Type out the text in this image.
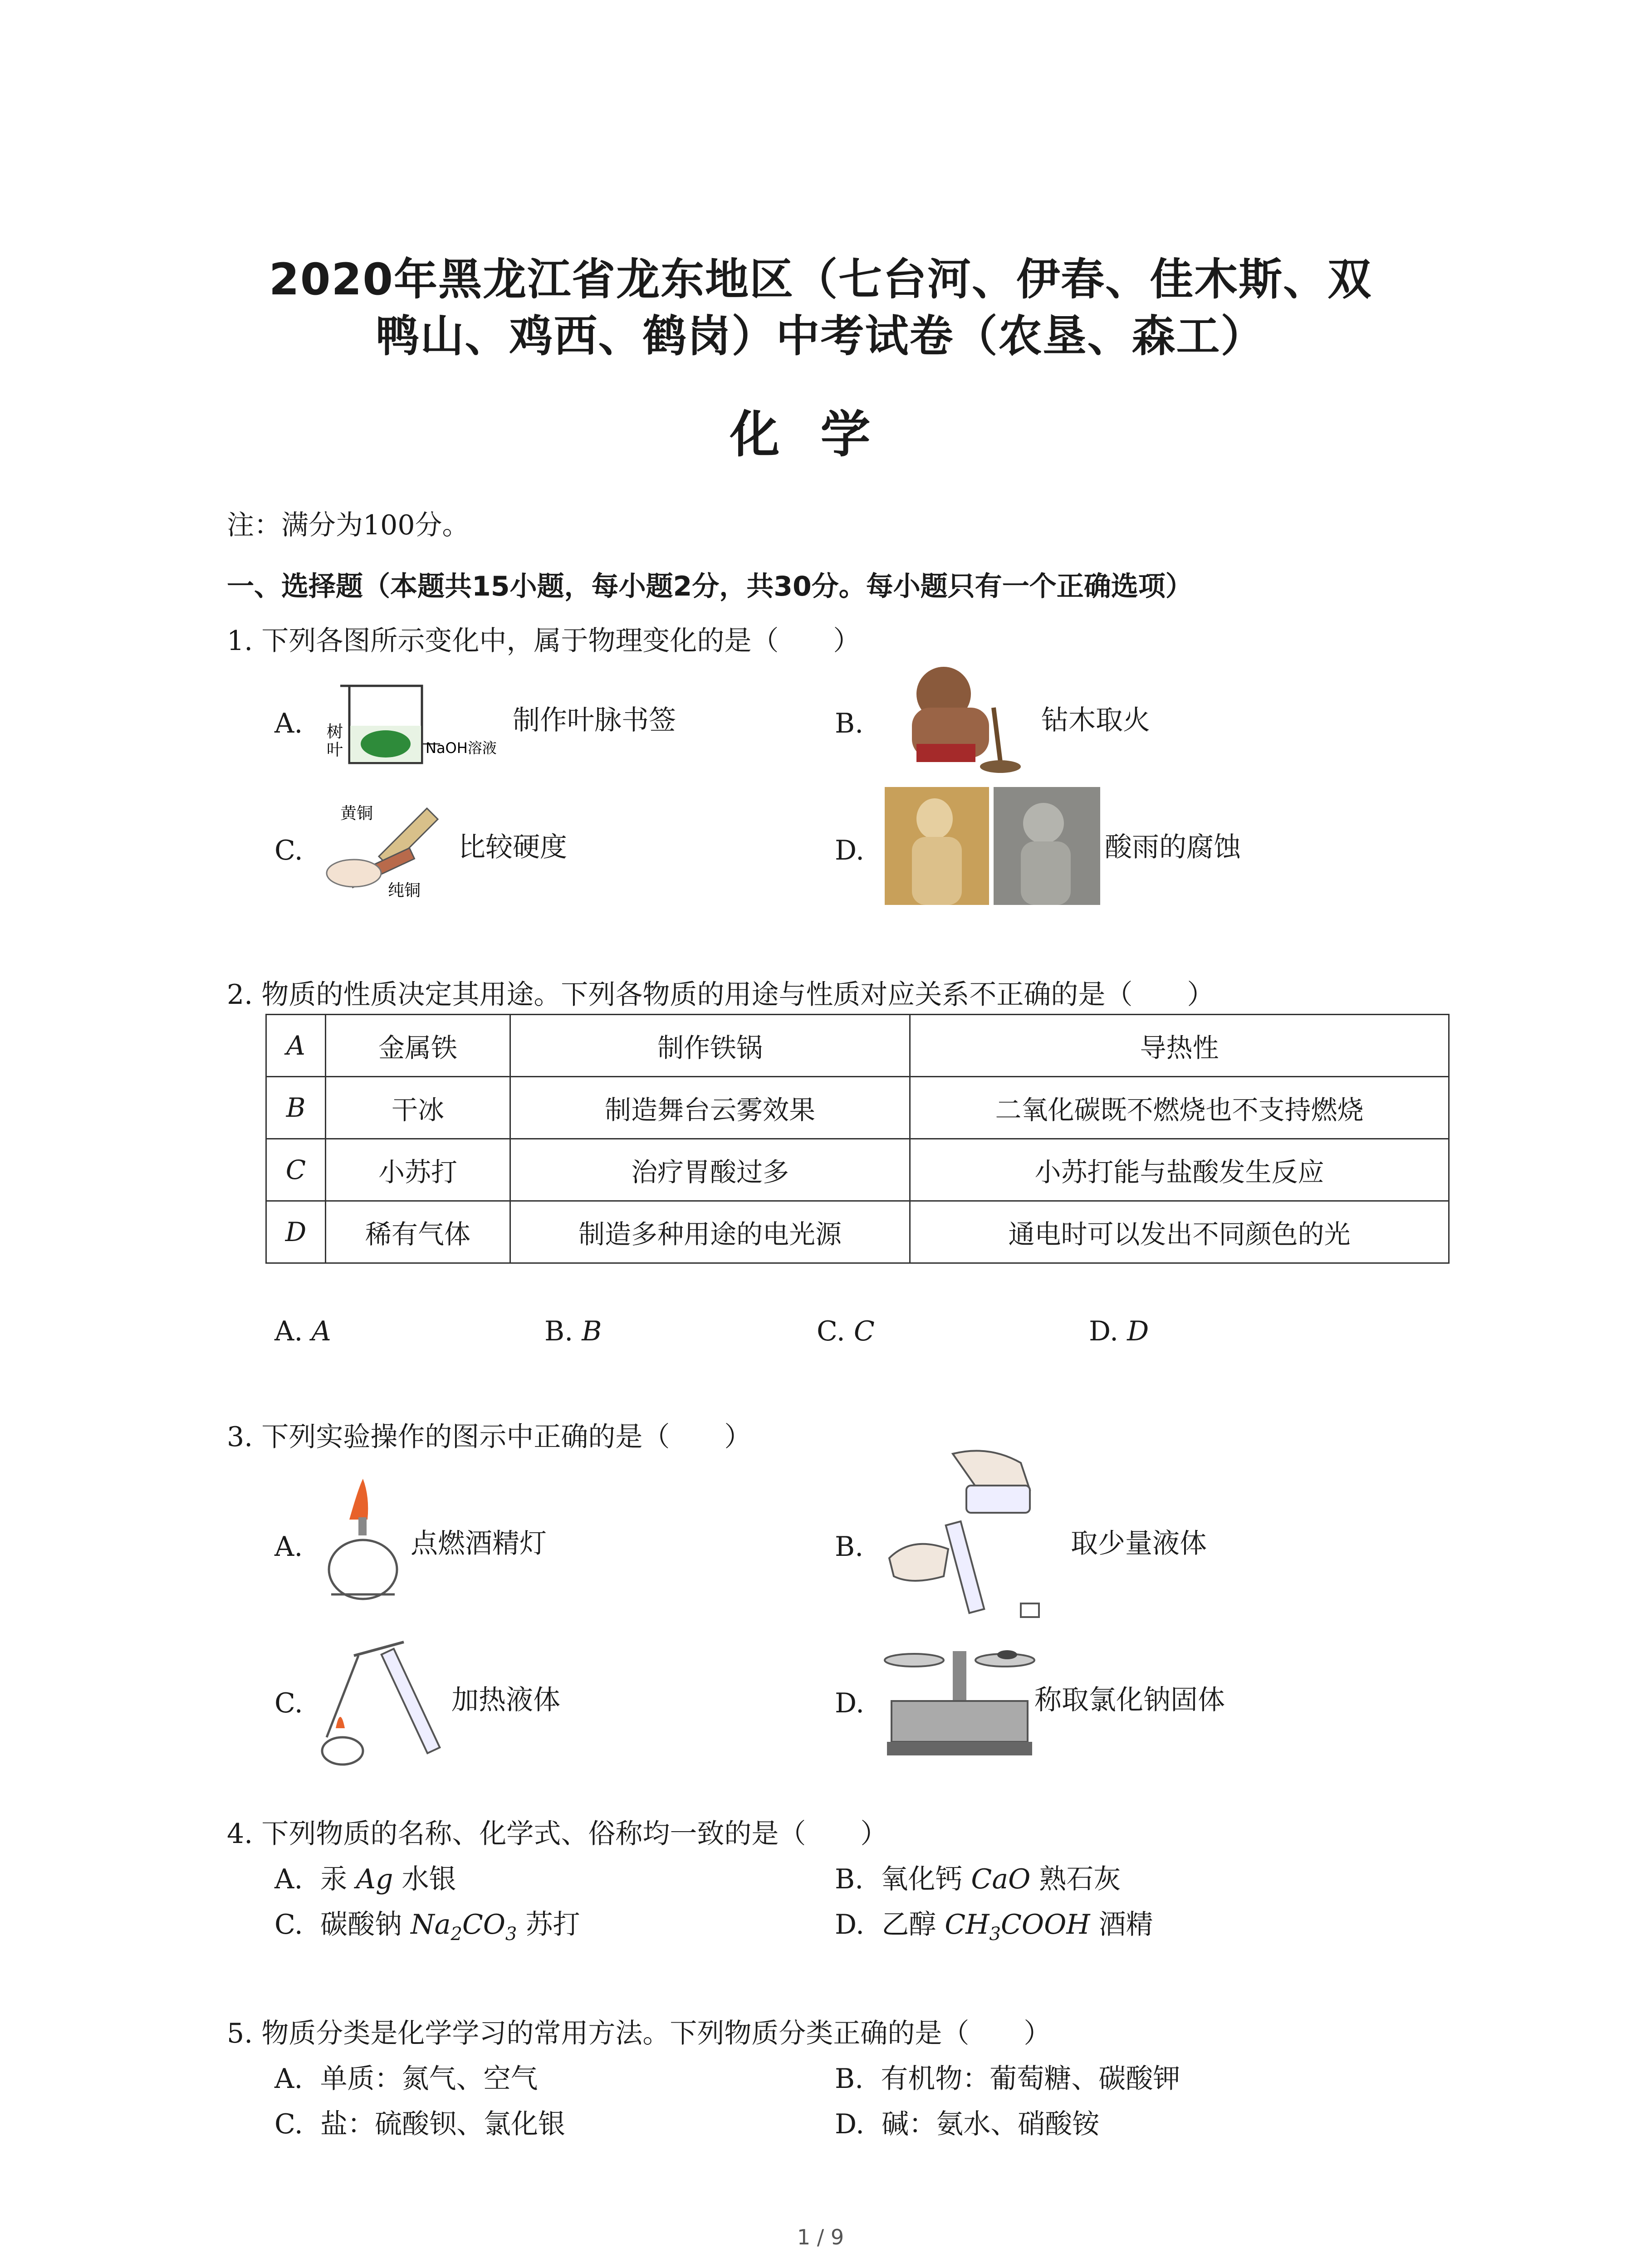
2020年黑龙江省龙东地区（七台河、伊春、佳木斯、双
鸭山、鸡西、鹤岗）中考试卷（农垦、森工）
化学
注：满分为100分。
一、选择题（本题共15小题，每小题2分，共30分。每小题只有一个正确选项）
1. 下列各图所示变化中，属于物理变化的是（　　）
A. 树
叶	NaOH溶液
制作叶脉书签	B.	钻木取火
C.
黄铜
纯铜
比较硬度	D.	酸雨的腐蚀
2. 物质的性质决定其用途。下列各物质的用途与性质对应关系不正确的是（　　）
A	金属铁	制作铁锅	导热性
B	干冰	制造舞台云雾效果	二氧化碳既不燃烧也不支持燃烧
C	小苏打	治疗胃酸过多	小苏打能与盐酸发生反应
D	稀有气体	制造多种用途的电光源	通电时可以发出不同颜色的光
A. A	B. B	C. C	D. D
3. 下列实验操作的图示中正确的是（　　）
A.	点燃酒精灯	B.	取少量液体
C.	加热液体	D.	称取氯化钠固体
4. 下列物质的名称、化学式、俗称均一致的是（　　）
A. 汞 Ag 水银	B. 氧化钙 CaO 熟石灰
C. 碳酸钠 $Na_2CO_3$ 苏打	D. 乙醇 $CH_3COOH$ 酒精
5. 物质分类是化学学习的常用方法。下列物质分类正确的是（　　）
A. 单质：氮气、空气	B. 有机物：葡萄糖、碳酸钾
C. 盐：硫酸钡、氯化银	D. 碱：氨水、硝酸铵
1 / 9
